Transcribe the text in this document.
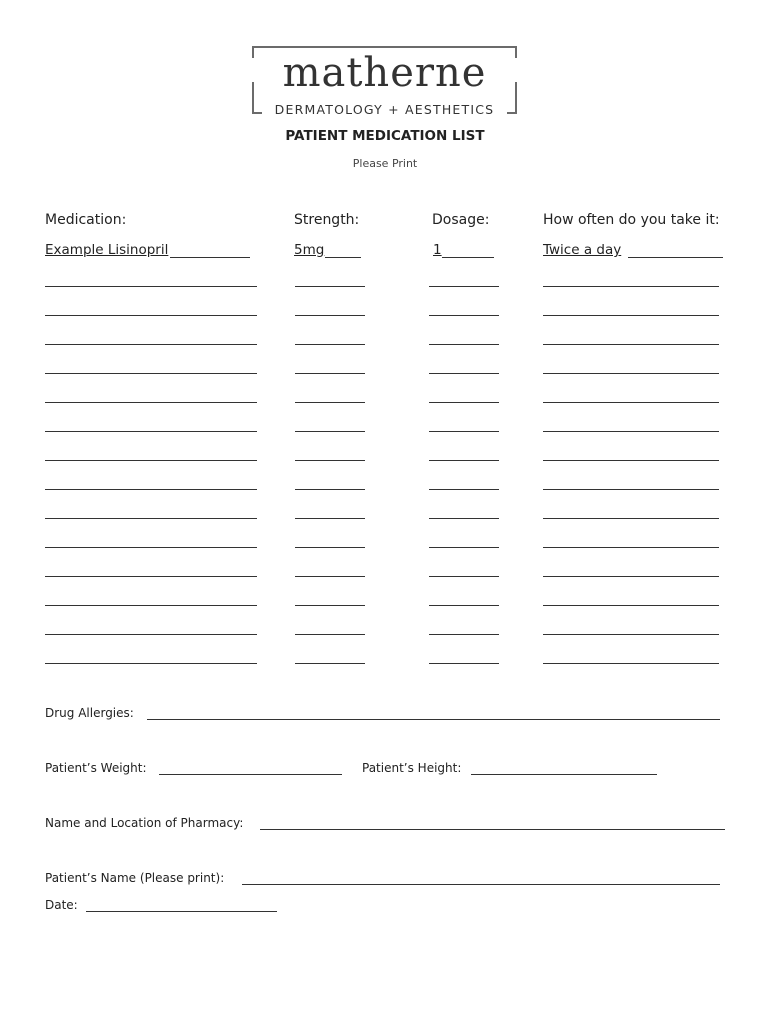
matherne
DERMATOLOGY + AESTHETICS
PATIENT MEDICATION LIST
Please Print
Medication:	Strength:	Dosage:	How often do you take it:
Example Lisinopril	5mg	1	Twice a day
Drug Allergies:
Patient’s Weight:	Patient’s Height:
Name and Location of Pharmacy:
Patient’s Name (Please print):
Date:
